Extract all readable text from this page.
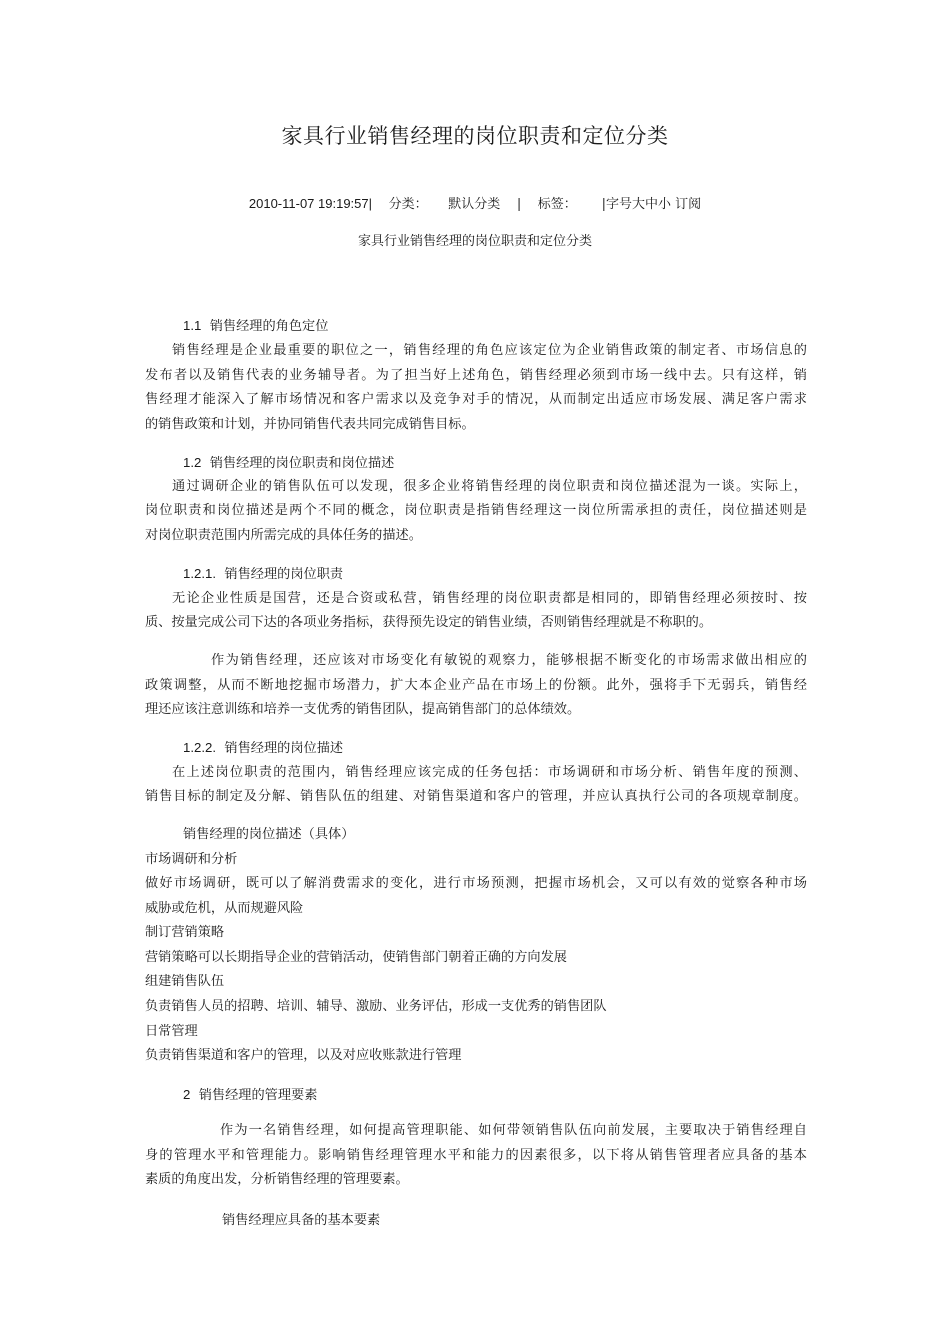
家具行业销售经理的岗位职责和定位分类
2010-11-07 19:19:57| 分类： 默认分类 | 标签： |字号大中小 订阅
家具行业销售经理的岗位职责和定位分类
1.1 销售经理的角色定位
销售经理是企业最重要的职位之一，销售经理的角色应该定位为企业销售政策的制定者、市场信息的
发布者以及销售代表的业务辅导者。为了担当好上述角色，销售经理必须到市场一线中去。只有这样，销
售经理才能深入了解市场情况和客户需求以及竞争对手的情况，从而制定出适应市场发展、满足客户需求
的销售政策和计划，并协同销售代表共同完成销售目标。
1.2 销售经理的岗位职责和岗位描述
通过调研企业的销售队伍可以发现，很多企业将销售经理的岗位职责和岗位描述混为一谈。实际上，
岗位职责和岗位描述是两个不同的概念，岗位职责是指销售经理这一岗位所需承担的责任，岗位描述则是
对岗位职责范围内所需完成的具体任务的描述。
1.2.1. 销售经理的岗位职责
无论企业性质是国营，还是合资或私营，销售经理的岗位职责都是相同的，即销售经理必须按时、按
质、按量完成公司下达的各项业务指标，获得预先设定的销售业绩，否则销售经理就是不称职的。
作为销售经理，还应该对市场变化有敏锐的观察力，能够根据不断变化的市场需求做出相应的
政策调整，从而不断地挖掘市场潜力，扩大本企业产品在市场上的份额。此外，强将手下无弱兵，销售经
理还应该注意训练和培养一支优秀的销售团队，提高销售部门的总体绩效。
1.2.2. 销售经理的岗位描述
在上述岗位职责的范围内，销售经理应该完成的任务包括：市场调研和市场分析、销售年度的预测、
销售目标的制定及分解、销售队伍的组建、对销售渠道和客户的管理，并应认真执行公司的各项规章制度。
销售经理的岗位描述（具体）
市场调研和分析
做好市场调研，既可以了解消费需求的变化，进行市场预测，把握市场机会，又可以有效的觉察各种市场
威胁或危机，从而规避风险
制订营销策略
营销策略可以长期指导企业的营销活动，使销售部门朝着正确的方向发展
组建销售队伍
负责销售人员的招聘、培训、辅导、激励、业务评估，形成一支优秀的销售团队
日常管理
负责销售渠道和客户的管理，以及对应收账款进行管理
2 销售经理的管理要素
作为一名销售经理，如何提高管理职能、如何带领销售队伍向前发展，主要取决于销售经理自
身的管理水平和管理能力。影响销售经理管理水平和能力的因素很多，以下将从销售管理者应具备的基本
素质的角度出发，分析销售经理的管理要素。
销售经理应具备的基本要素
